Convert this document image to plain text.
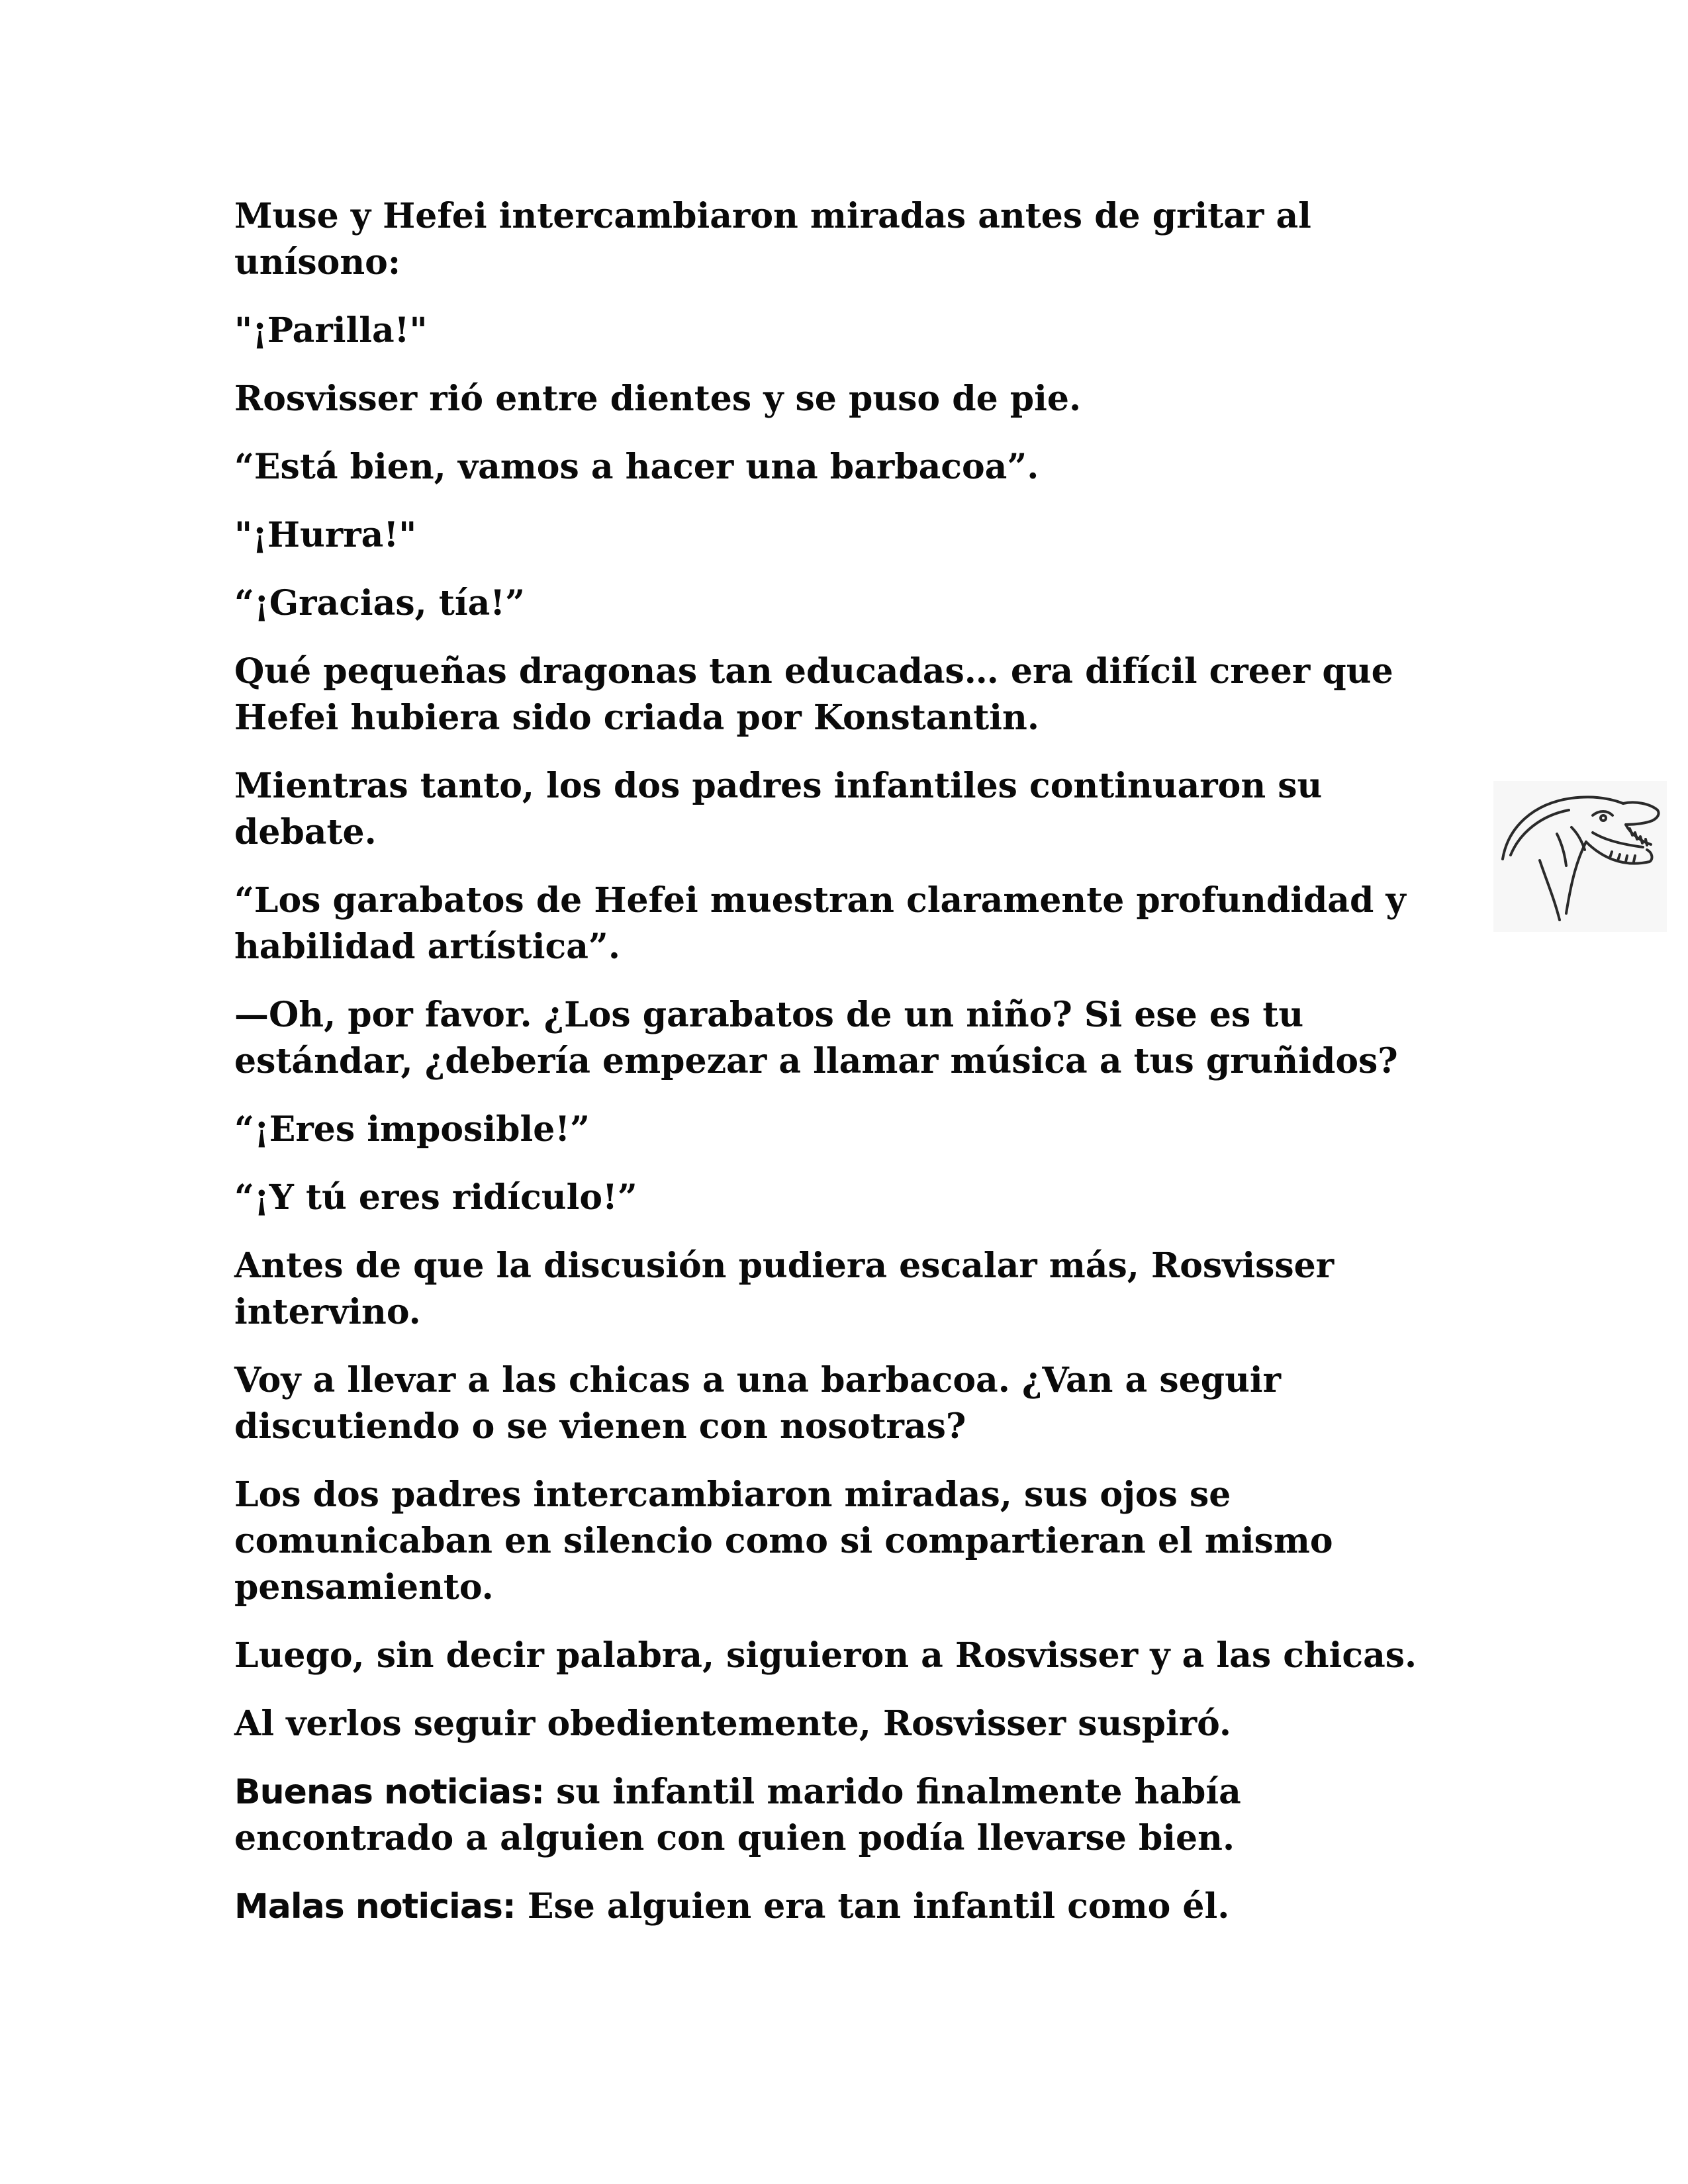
Muse y Hefei intercambiaron miradas antes de gritar al unísono:

"¡Parilla!"

Rosvisser rió entre dientes y se puso de pie.

“Está bien, vamos a hacer una barbacoa”.

"¡Hurra!"

“¡Gracias, tía!”

Qué pequeñas dragonas tan educadas… era difícil creer que Hefei hubiera sido criada por Konstantin.

Mientras tanto, los dos padres infantiles continuaron su debate.

“Los garabatos de Hefei muestran claramente profundidad y habilidad artística”.

—Oh, por favor. ¿Los garabatos de un niño? Si ese es tu estándar, ¿debería empezar a llamar música a tus gruñidos?

“¡Eres imposible!”

“¡Y tú eres ridículo!”

Antes de que la discusión pudiera escalar más, Rosvisser intervino.

Voy a llevar a las chicas a una barbacoa. ¿Van a seguir discutiendo o se vienen con nosotras?

Los dos padres intercambiaron miradas, sus ojos se comunicaban en silencio como si compartieran el mismo pensamiento.

Luego, sin decir palabra, siguieron a Rosvisser y a las chicas.

Al verlos seguir obedientemente, Rosvisser suspiró.

Buenas noticias: su infantil marido finalmente había encontrado a alguien con quien podía llevarse bien.

Malas noticias: Ese alguien era tan infantil como él.
